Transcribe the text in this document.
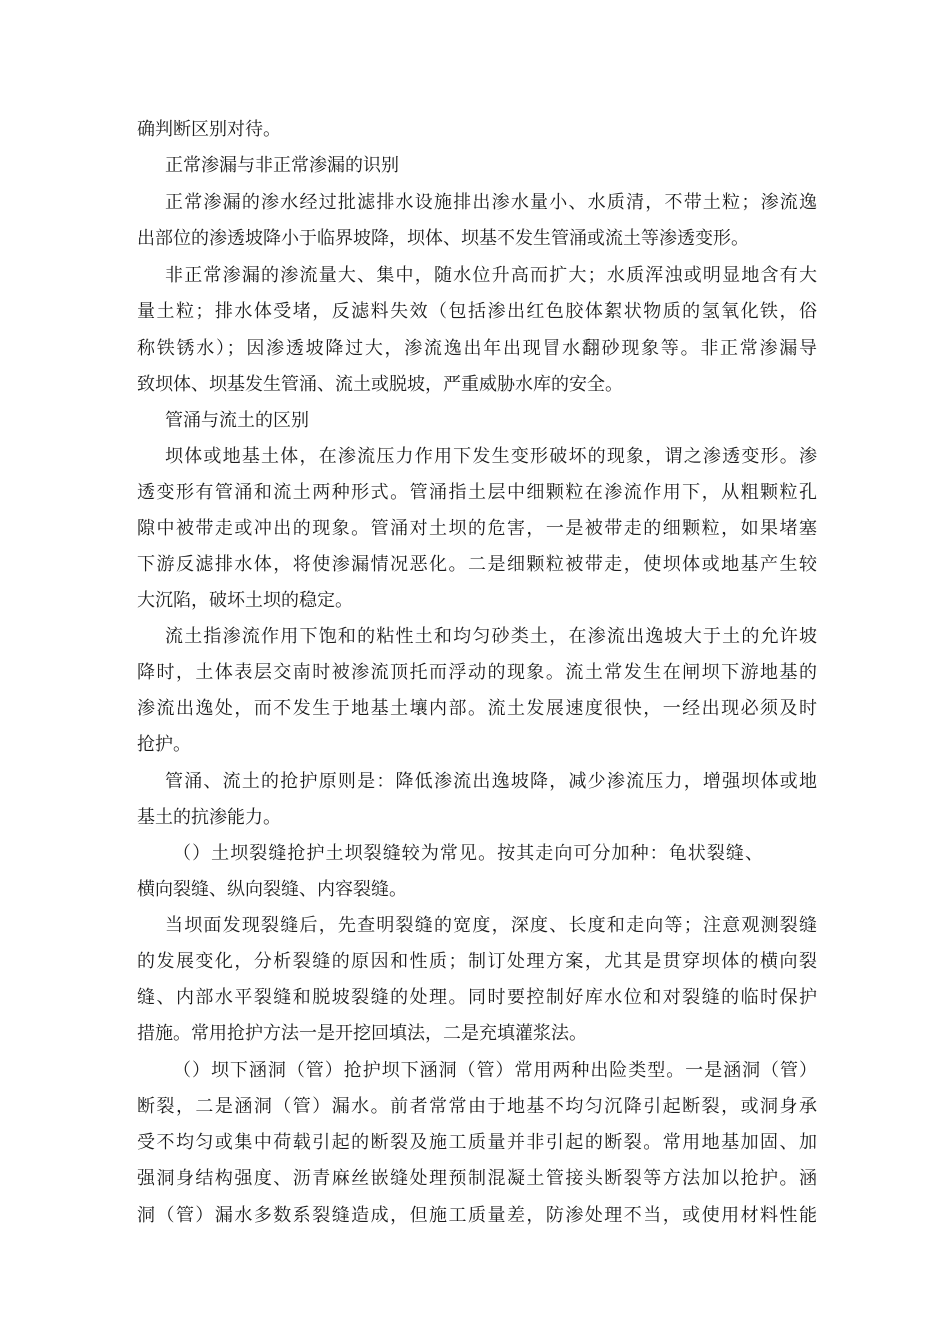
确判断区别对待。
正常渗漏与非正常渗漏的识别
正常渗漏的渗水经过批滤排水设施排出渗水量小、水质清，不带土粒；渗流逸
出部位的渗透坡降小于临界坡降，坝体、坝基不发生管涌或流土等渗透变形。
非正常渗漏的渗流量大、集中，随水位升高而扩大；水质浑浊或明显地含有大
量土粒；排水体受堵，反滤料失效（包括渗出红色胶体絮状物质的氢氧化铁，俗
称铁锈水）；因渗透坡降过大，渗流逸出年出现冒水翻砂现象等。非正常渗漏导
致坝体、坝基发生管涌、流土或脱坡，严重威胁水库的安全。
管涌与流土的区别
坝体或地基土体，在渗流压力作用下发生变形破坏的现象，谓之渗透变形。渗
透变形有管涌和流土两种形式。管涌指土层中细颗粒在渗流作用下，从粗颗粒孔
隙中被带走或冲出的现象。管涌对土坝的危害，一是被带走的细颗粒，如果堵塞
下游反滤排水体，将使渗漏情况恶化。二是细颗粒被带走，使坝体或地基产生较
大沉陷，破坏土坝的稳定。
流土指渗流作用下饱和的粘性土和均匀砂类土，在渗流出逸坡大于土的允许坡
降时，土体表层交南时被渗流顶托而浮动的现象。流土常发生在闸坝下游地基的
渗流出逸处，而不发生于地基土壤内部。流土发展速度很快，一经出现必须及时
抢护。
管涌、流土的抢护原则是：降低渗流出逸坡降，减少渗流压力，增强坝体或地
基土的抗渗能力。
（）土坝裂缝抢护土坝裂缝较为常见。按其走向可分加种：龟状裂缝、
横向裂缝、纵向裂缝、内容裂缝。
当坝面发现裂缝后，先查明裂缝的宽度，深度、长度和走向等；注意观测裂缝
的发展变化，分析裂缝的原因和性质；制订处理方案，尤其是贯穿坝体的横向裂
缝、内部水平裂缝和脱坡裂缝的处理。同时要控制好库水位和对裂缝的临时保护
措施。常用抢护方法一是开挖回填法，二是充填灌浆法。
（）坝下涵洞（管）抢护坝下涵洞（管）常用两种出险类型。一是涵洞（管）
断裂，二是涵洞（管）漏水。前者常常由于地基不均匀沉降引起断裂，或洞身承
受不均匀或集中荷载引起的断裂及施工质量并非引起的断裂。常用地基加固、加
强洞身结构强度、沥青麻丝嵌缝处理预制混凝土管接头断裂等方法加以抢护。涵
洞（管）漏水多数系裂缝造成，但施工质量差，防渗处理不当，或使用材料性能
